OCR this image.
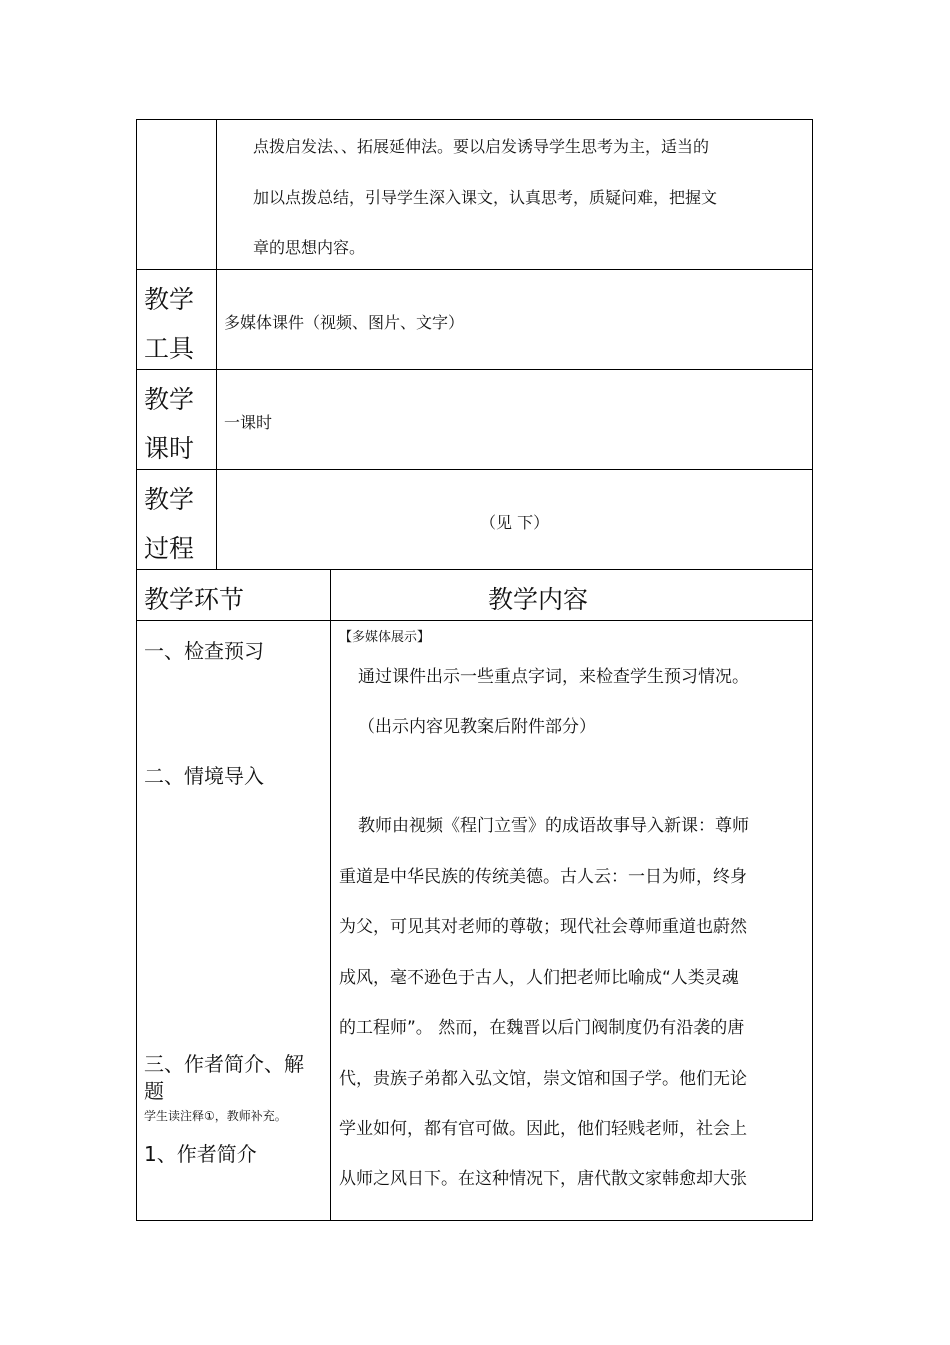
点拨启发法、、拓展延伸法。要以启发诱导学生思考为主，适当的
加以点拨总结，引导学生深入课文，认真思考，质疑问难，把握文
章的思想内容。
教学
工具
多媒体课件（视频、图片、文字）
教学
课时
一课时
教学
过程
（见 下）
教学环节	教学内容
一、检查预习
二、情境导入
三、作者简介、解
题
学生读注释①，教师补充。
1、作者简介
【多媒体展示】
通过课件出示一些重点字词，来检查学生预习情况。
（出示内容见教案后附件部分）
教师由视频《程门立雪》的成语故事导入新课：尊师
重道是中华民族的传统美德。古人云：一日为师，终身
为父，可见其对老师的尊敬；现代社会尊师重道也蔚然
成风，毫不逊色于古人，人们把老师比喻成“人类灵魂
的工程师”。 然而，在魏晋以后门阀制度仍有沿袭的唐
代，贵族子弟都入弘文馆，崇文馆和国子学。他们无论
学业如何，都有官可做。因此，他们轻贱老师，社会上
从师之风日下。在这种情况下，唐代散文家韩愈却大张
